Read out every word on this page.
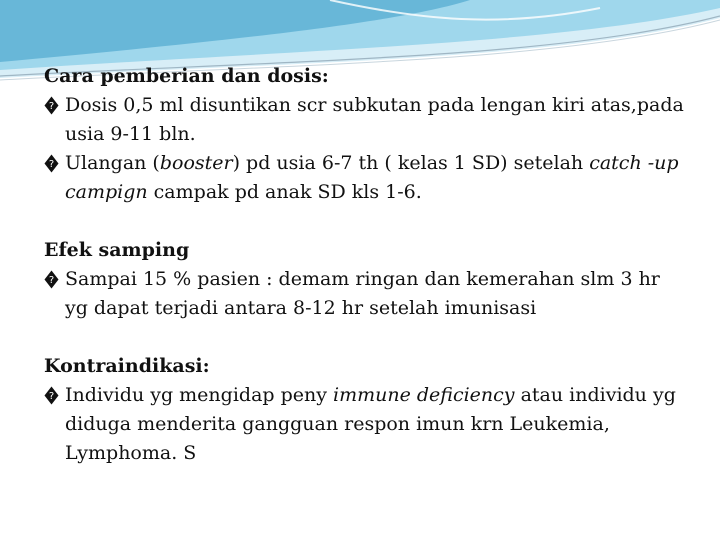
Cara pemberian dan dosis:

? Dosis 0,5 ml disuntikan scr subkutan pada lengan kiri atas,pada usia 9-11 bln.

? Ulangan (booster) pd usia 6-7 th ( kelas 1 SD) setelah catch -up campign campak pd anak SD kls 1-6.

Efek samping

? Sampai 15 % pasien : demam ringan dan kemerahan slm 3 hr yg dapat terjadi antara 8-12 hr setelah imunisasi

Kontraindikasi:

? Individu yg mengidap peny immune deficiency atau individu yg diduga menderita gangguan respon imun krn Leukemia, Lymphoma. S
